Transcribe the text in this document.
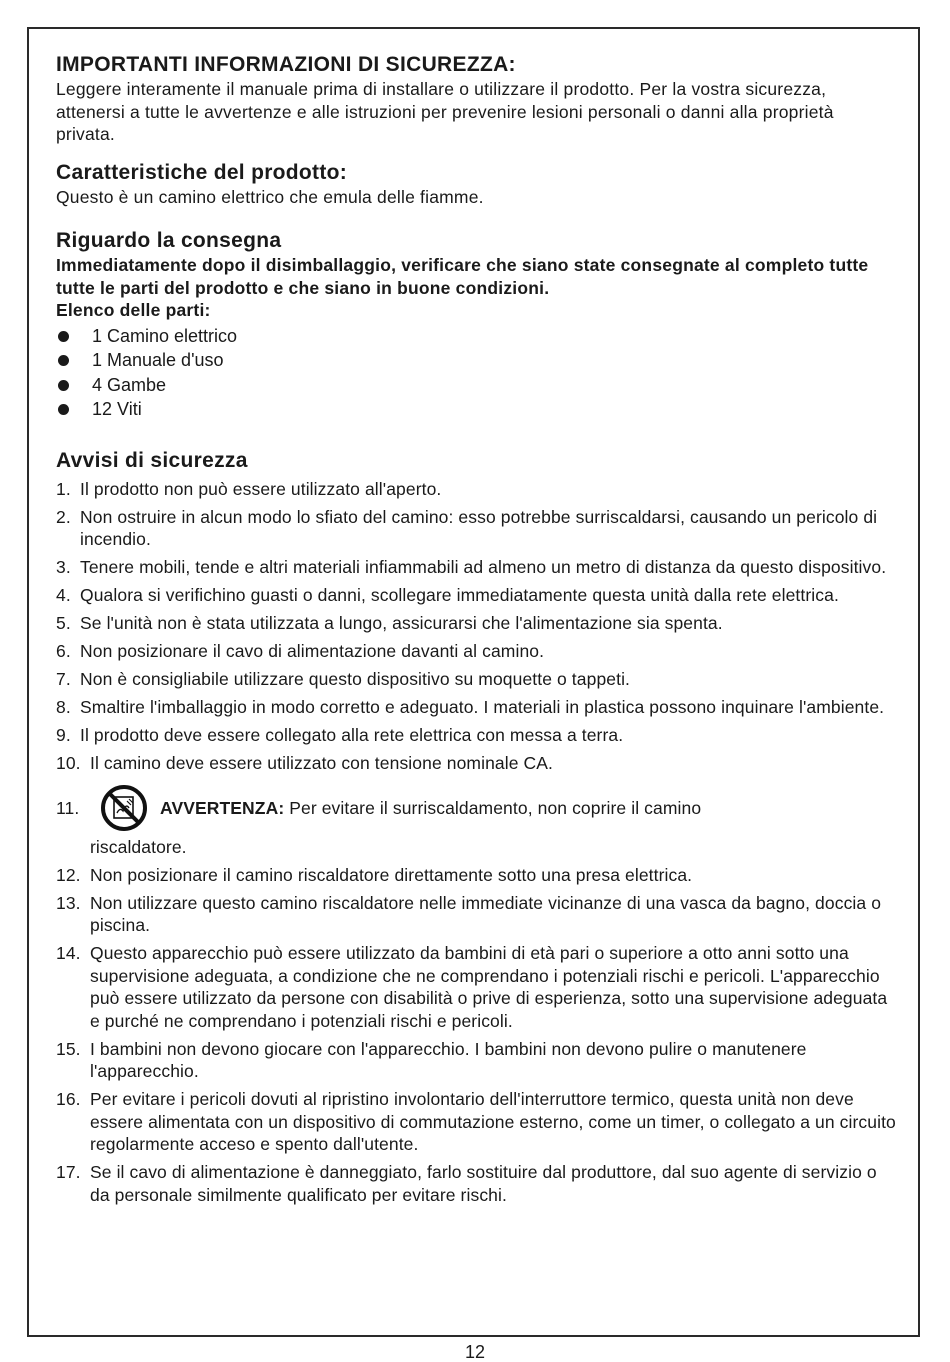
IMPORTANTI INFORMAZIONI DI SICUREZZA:

Leggere interamente il manuale prima di installare o utilizzare il prodotto. Per la vostra sicurezza, attenersi a tutte le avvertenze e alle istruzioni per prevenire lesioni personali o danni alla proprietà privata.

Caratteristiche del prodotto:

Questo è un camino elettrico che emula delle fiamme.

Riguardo la consegna

Immediatamente dopo il disimballaggio, verificare che siano state consegnate al completo tutte tutte le parti del prodotto e che siano in buone condizioni.

Elenco delle parti:

1 Camino elettrico
1 Manuale d'uso
4 Gambe
12 Viti
Avvisi di sicurezza
1. Il prodotto non può essere utilizzato all'aperto.
2. Non ostruire in alcun modo lo sfiato del camino: esso potrebbe surriscaldarsi, causando un pericolo di incendio.
3. Tenere mobili, tende e altri materiali infiammabili ad almeno un metro di distanza da questo dispositivo.
4. Qualora si verifichino guasti o danni, scollegare immediatamente questa unità dalla rete elettrica.
5. Se l'unità non è stata utilizzata a lungo, assicurarsi che l'alimentazione sia spenta.
6. Non posizionare il cavo di alimentazione davanti al camino.
7. Non è consigliabile utilizzare questo dispositivo su moquette o tappeti.
8. Smaltire l'imballaggio in modo corretto e adeguato. I materiali in plastica possono inquinare l'ambiente.
9. Il prodotto deve essere collegato alla rete elettrica con messa a terra.
10. Il camino deve essere utilizzato con tensione nominale CA.
11.	AVVERTENZA: Per evitare il surriscaldamento, non coprire il camino
riscaldatore.
12. Non posizionare il camino riscaldatore direttamente sotto una presa elettrica.
13. Non utilizzare questo camino riscaldatore nelle immediate vicinanze di una vasca da bagno, doccia o piscina.
14. Questo apparecchio può essere utilizzato da bambini di età pari o superiore a otto anni sotto una supervisione adeguata, a condizione che ne comprendano i potenziali rischi e pericoli. L'apparecchio può essere utilizzato da persone con disabilità o prive di esperienza, sotto una supervisione adeguata e purché ne comprendano i potenziali rischi e pericoli.
15. I bambini non devono giocare con l'apparecchio. I bambini non devono pulire o manutenere l'apparecchio.
16. Per evitare i pericoli dovuti al ripristino involontario dell'interruttore termico, questa unità non deve essere alimentata con un dispositivo di commutazione esterno, come un timer, o collegato a un circuito regolarmente acceso e spento dall'utente.
17. Se il cavo di alimentazione è danneggiato, farlo sostituire dal produttore, dal suo agente di servizio o da personale similmente qualificato per evitare rischi.
12
